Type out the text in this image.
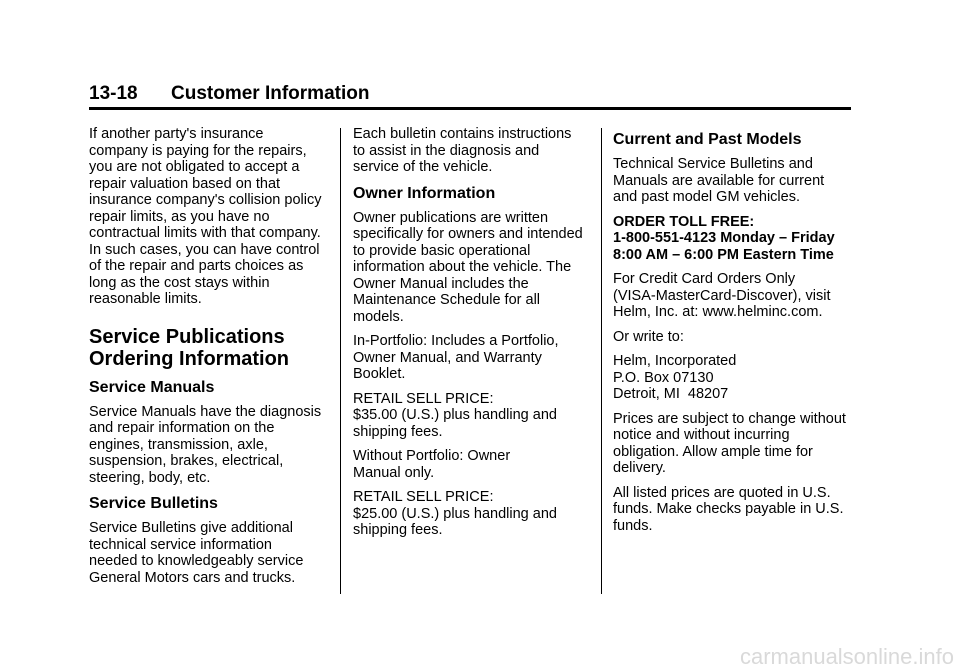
13-18 Customer Information

If another party's insurance
company is paying for the repairs,
you are not obligated to accept a
repair valuation based on that
insurance company's collision policy
repair limits, as you have no
contractual limits with that company.
In such cases, you can have control
of the repair and parts choices as
long as the cost stays within
reasonable limits.

Service Publications
Ordering Information
Service Manuals

Service Manuals have the diagnosis
and repair information on the
engines, transmission, axle,
suspension, brakes, electrical,
steering, body, etc.

Service Bulletins

Service Bulletins give additional
technical service information
needed to knowledgeably service
General Motors cars and trucks.

Each bulletin contains instructions
to assist in the diagnosis and
service of the vehicle.

Owner Information

Owner publications are written
specifically for owners and intended
to provide basic operational
information about the vehicle. The
Owner Manual includes the
Maintenance Schedule for all
models.

In-Portfolio: Includes a Portfolio,
Owner Manual, and Warranty
Booklet.

RETAIL SELL PRICE:
$35.00 (U.S.) plus handling and
shipping fees.

Without Portfolio: Owner
Manual only.

RETAIL SELL PRICE:
$25.00 (U.S.) plus handling and
shipping fees.

Current and Past Models

Technical Service Bulletins and
Manuals are available for current
and past model GM vehicles.

ORDER TOLL FREE:
1-800-551-4123 Monday – Friday
8:00 AM – 6:00 PM Eastern Time

For Credit Card Orders Only
(VISA-MasterCard-Discover), visit
Helm, Inc. at: www.helminc.com.

Or write to:

Helm, Incorporated
P.O. Box 07130
Detroit, MI  48207

Prices are subject to change without
notice and without incurring
obligation. Allow ample time for
delivery.

All listed prices are quoted in U.S.
funds. Make checks payable in U.S.
funds.

carmanualsonline.info
